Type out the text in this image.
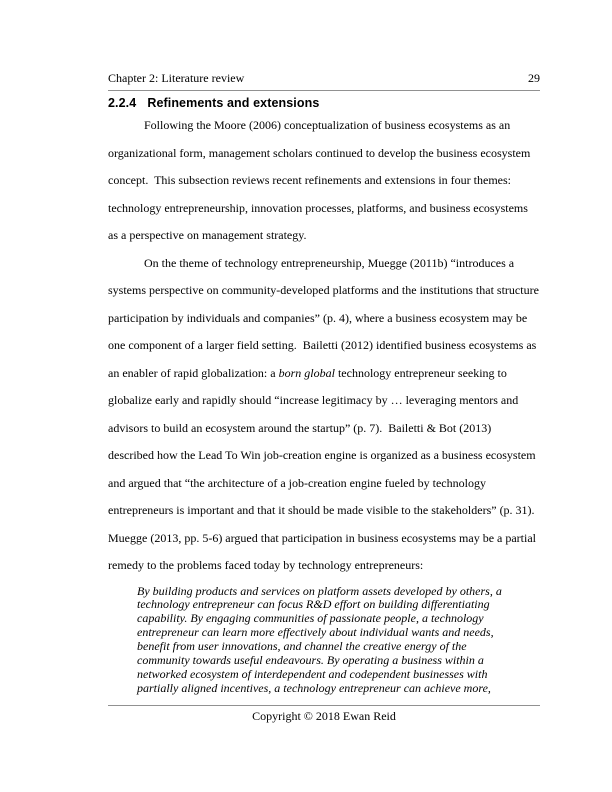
Chapter 2: Literature review	29
2.2.4 Refinements and extensions
Following the Moore (2006) conceptualization of business ecosystems as an
organizational form, management scholars continued to develop the business ecosystem
concept.  This subsection reviews recent refinements and extensions in four themes:
technology entrepreneurship, innovation processes, platforms, and business ecosystems
as a perspective on management strategy.
On the theme of technology entrepreneurship, Muegge (2011b) “introduces a
systems perspective on community-developed platforms and the institutions that structure
participation by individuals and companies” (p. 4), where a business ecosystem may be
one component of a larger field setting.  Bailetti (2012) identified business ecosystems as
an enabler of rapid globalization: a born global technology entrepreneur seeking to
globalize early and rapidly should “increase legitimacy by … leveraging mentors and
advisors to build an ecosystem around the startup” (p. 7).  Bailetti & Bot (2013)
described how the Lead To Win job-creation engine is organized as a business ecosystem
and argued that “the architecture of a job-creation engine fueled by technology
entrepreneurs is important and that it should be made visible to the stakeholders” (p. 31).
Muegge (2013, pp. 5-6) argued that participation in business ecosystems may be a partial
remedy to the problems faced today by technology entrepreneurs:
By building products and services on platform assets developed by others, a
technology entrepreneur can focus R&D effort on building differentiating
capability. By engaging communities of passionate people, a technology
entrepreneur can learn more effectively about individual wants and needs,
benefit from user innovations, and channel the creative energy of the
community towards useful endeavours. By operating a business within a
networked ecosystem of interdependent and codependent businesses with
partially aligned incentives, a technology entrepreneur can achieve more,
Copyright © 2018 Ewan Reid
